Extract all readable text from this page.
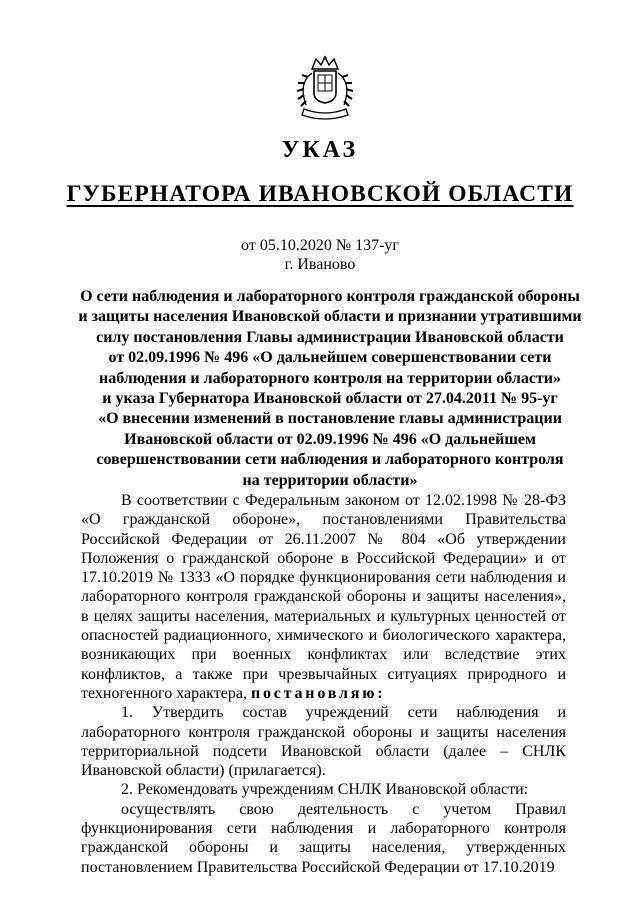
УКАЗ
ГУБЕРНАТОРА ИВАНОВСКОЙ ОБЛАСТИ
от 05.10.2020 № 137-уг
г. Иваново
О сети наблюдения и лабораторного контроля гражданской обороны
и защиты населения Ивановской области и признании утратившими
силу постановления Главы администрации Ивановской области
от 02.09.1996 № 496 «О дальнейшем совершенствовании сети
наблюдения и лабораторного контроля на территории области»
и указа Губернатора Ивановской области от 27.04.2011 № 95-уг
«О внесении изменений в постановление главы администрации
Ивановской области от 02.09.1996 № 496 «О дальнейшем
совершенствовании сети наблюдения и лабораторного контроля
на территории области»

В соответствии с Федеральным законом от 12.02.1998 № 28-ФЗ «О гражданской обороне», постановлениями Правительства Российской Федерации от 26.11.2007 № 804 «Об утверждении Положения о гражданской обороне в Российской Федерации» и от 17.10.2019 № 1333 «О порядке функционирования сети наблюдения и лабораторного контроля гражданской обороны и защиты населения», в целях защиты населения, материальных и культурных ценностей от опасностей радиационного, химического и биологического характера, возникающих при военных конфликтах или вследствие этих конфликтов, а также при чрезвычайных ситуациях природного и техногенного характера, постановляю:

1. Утвердить состав учреждений сети наблюдения и лабораторного контроля гражданской обороны и защиты населения территориальной подсети Ивановской области (далее – СНЛК Ивановской области) (прилагается).

2. Рекомендовать учреждениям СНЛК Ивановской области:

осуществлять свою деятельность с учетом Правил функционирования сети наблюдения и лабораторного контроля гражданской обороны и защиты населения, утвержденных постановлением Правительства Российской Федерации от 17.10.2019
